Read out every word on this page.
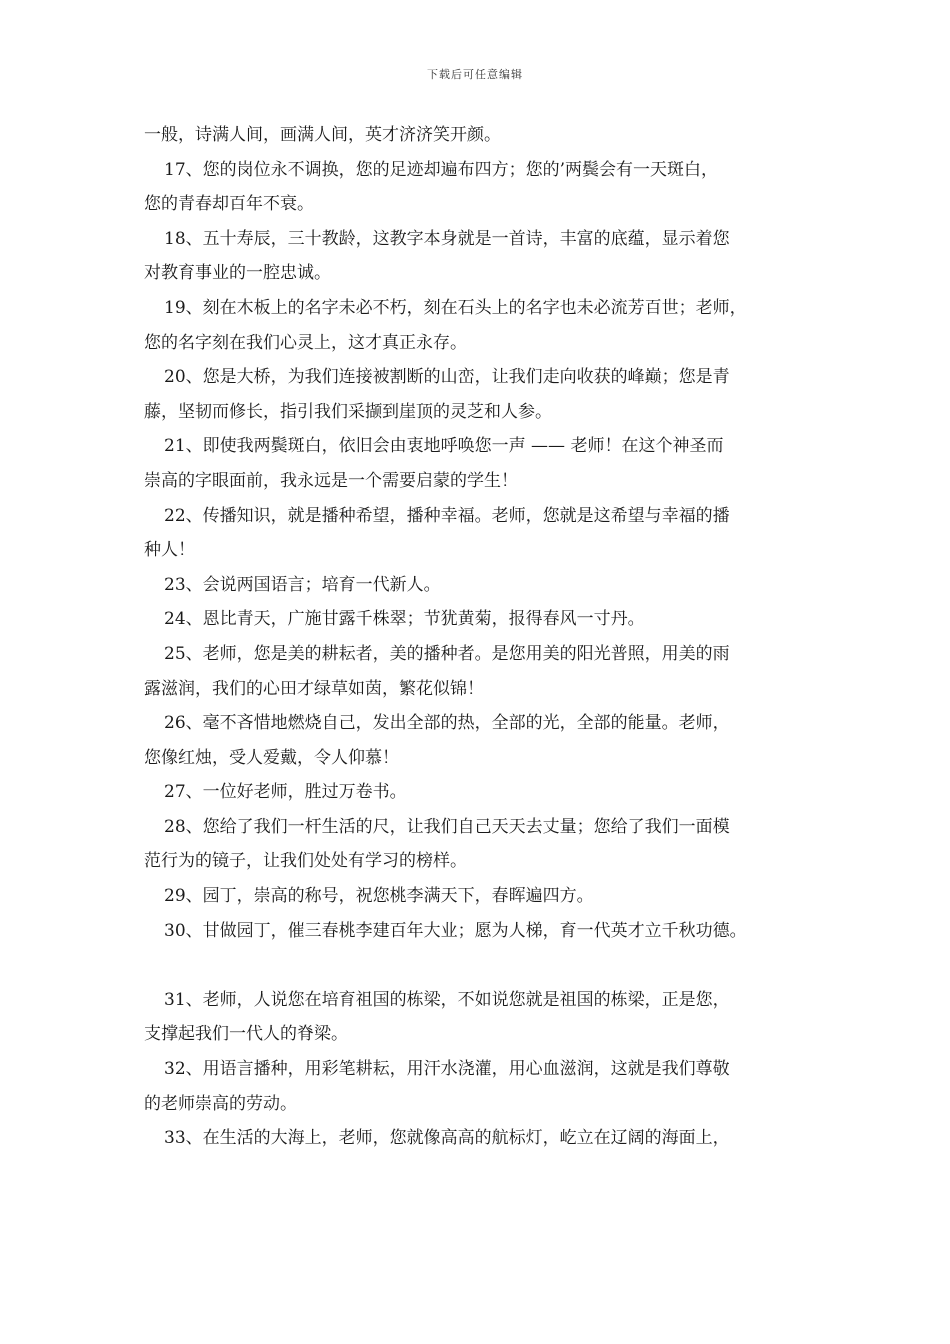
下载后可任意编辑
一般，诗满人间，画满人间，英才济济笑开颜。
17、您的岗位永不调换，您的足迹却遍布四方；您的’两鬓会有一天斑白，
您的青春却百年不衰。
18、五十寿辰，三十教龄，这教字本身就是一首诗，丰富的底蕴，显示着您
对教育事业的一腔忠诚。
19、刻在木板上的名字未必不朽，刻在石头上的名字也未必流芳百世；老师，
您的名字刻在我们心灵上，这才真正永存。
20、您是大桥，为我们连接被割断的山峦，让我们走向收获的峰巅；您是青
藤，坚韧而修长，指引我们采撷到崖顶的灵芝和人参。
21、即使我两鬓斑白，依旧会由衷地呼唤您一声 —— 老师！在这个神圣而
崇高的字眼面前，我永远是一个需要启蒙的学生！
22、传播知识，就是播种希望，播种幸福。老师，您就是这希望与幸福的播
种人！
23、会说两国语言；培育一代新人。
24、恩比青天，广施甘露千株翠；节犹黄菊，报得春风一寸丹。
25、老师，您是美的耕耘者，美的播种者。是您用美的阳光普照，用美的雨
露滋润，我们的心田才绿草如茵，繁花似锦！
26、毫不吝惜地燃烧自己，发出全部的热，全部的光，全部的能量。老师，
您像红烛，受人爱戴，令人仰慕！
27、一位好老师，胜过万卷书。
28、您给了我们一杆生活的尺，让我们自己天天去丈量；您给了我们一面模
范行为的镜子，让我们处处有学习的榜样。
29、园丁，崇高的称号，祝您桃李满天下，春晖遍四方。
30、甘做园丁，催三春桃李建百年大业；愿为人梯，育一代英才立千秋功德。
31、老师，人说您在培育祖国的栋梁，不如说您就是祖国的栋梁，正是您，
支撑起我们一代人的脊梁。
32、用语言播种，用彩笔耕耘，用汗水浇灌，用心血滋润，这就是我们尊敬
的老师崇高的劳动。
33、在生活的大海上，老师，您就像高高的航标灯，屹立在辽阔的海面上，
